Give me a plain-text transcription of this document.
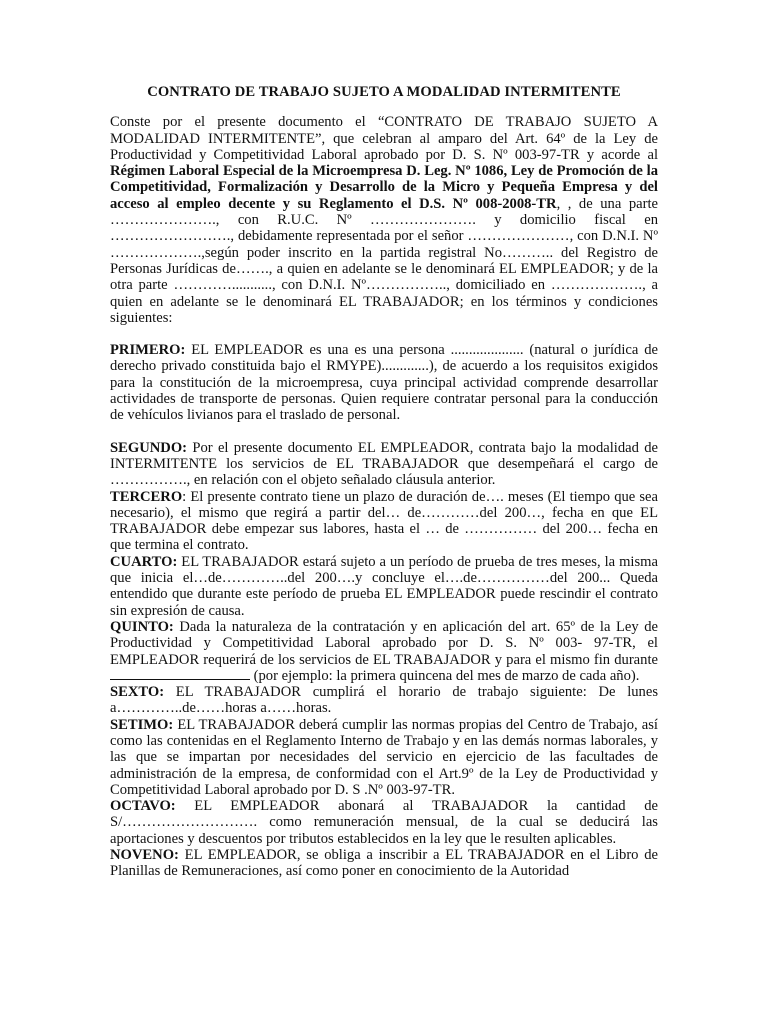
CONTRATO DE TRABAJO SUJETO A MODALIDAD INTERMITENTE

Conste por el presente documento el “CONTRATO DE TRABAJO SUJETO A MODALIDAD INTERMITENTE”, que celebran al amparo del Art. 64º de la Ley de Productividad y Competitividad Laboral aprobado por D. S. Nº 003-97-TR y acorde al Régimen Laboral Especial de la Microempresa D. Leg. Nº 1086, Ley de Promoción de la Competitividad, Formalización y Desarrollo de la Micro y Pequeña Empresa y del acceso al empleo decente y su Reglamento el D.S. Nº 008-2008-TR, , de una parte …………………., con R.U.C. Nº …………………. y domicilio fiscal en ……………………., debidamente representada por el señor …………………, con D.N.I. Nº ……………….,según poder inscrito en la partida registral No……….. del Registro de Personas Jurídicas de……., a quien en adelante se le denominará EL EMPLEADOR; y de la otra parte …………..........., con D.N.I. Nº…………….., domiciliado en ………………., a quien en adelante se le denominará EL TRABAJADOR; en los términos y condiciones siguientes:

PRIMERO: EL EMPLEADOR es una es una persona .................... (natural o jurídica de derecho privado constituida bajo el RMYPE).............), de acuerdo a los requisitos exigidos para la constitución de la microempresa, cuya principal actividad comprende desarrollar actividades de transporte de personas. Quien requiere contratar personal para la conducción de vehículos livianos para el traslado de personal.

SEGUNDO: Por el presente documento EL EMPLEADOR, contrata bajo la modalidad de INTERMITENTE los servicios de EL TRABAJADOR que desempeñará el cargo de ……………., en relación con el objeto señalado cláusula anterior.

TERCERO: El presente contrato tiene un plazo de duración de…. meses (El tiempo que sea necesario), el mismo que regirá a partir del… de…………del 200…, fecha en que EL TRABAJADOR debe empezar sus labores, hasta el … de …………… del 200… fecha en que termina el contrato.

CUARTO: EL TRABAJADOR estará sujeto a un período de prueba de tres meses, la misma que inicia el…de…………..del 200….y concluye el….de……………del 200... Queda entendido que durante este período de prueba EL EMPLEADOR puede rescindir el contrato sin expresión de causa.

QUINTO: Dada la naturaleza de la contratación y en aplicación del art. 65º de la Ley de Productividad y Competitividad Laboral aprobado por D. S. Nº 003- 97-TR, el EMPLEADOR requerirá de los servicios de EL TRABAJADOR y para el mismo fin durante  (por ejemplo: la primera quincena del mes de marzo de cada año).

SEXTO: EL TRABAJADOR cumplirá el horario de trabajo siguiente: De lunes a…………..de……horas a……horas.

SETIMO: EL TRABAJADOR deberá cumplir las normas propias del Centro de Trabajo, así como las contenidas en el Reglamento Interno de Trabajo y en las demás normas laborales, y las que se impartan por necesidades del servicio en ejercicio de las facultades de administración de la empresa, de conformidad con el Art.9º de la Ley de Productividad y Competitividad Laboral aprobado por D. S .Nº 003-97-TR.

OCTAVO: EL EMPLEADOR abonará al TRABAJADOR la cantidad de S/………………………. como remuneración mensual, de la cual se deducirá las aportaciones y descuentos por tributos establecidos en la ley que le resulten aplicables.

NOVENO: EL EMPLEADOR, se obliga a inscribir a EL TRABAJADOR en el Libro de Planillas de Remuneraciones, así como poner en conocimiento de la Autoridad
